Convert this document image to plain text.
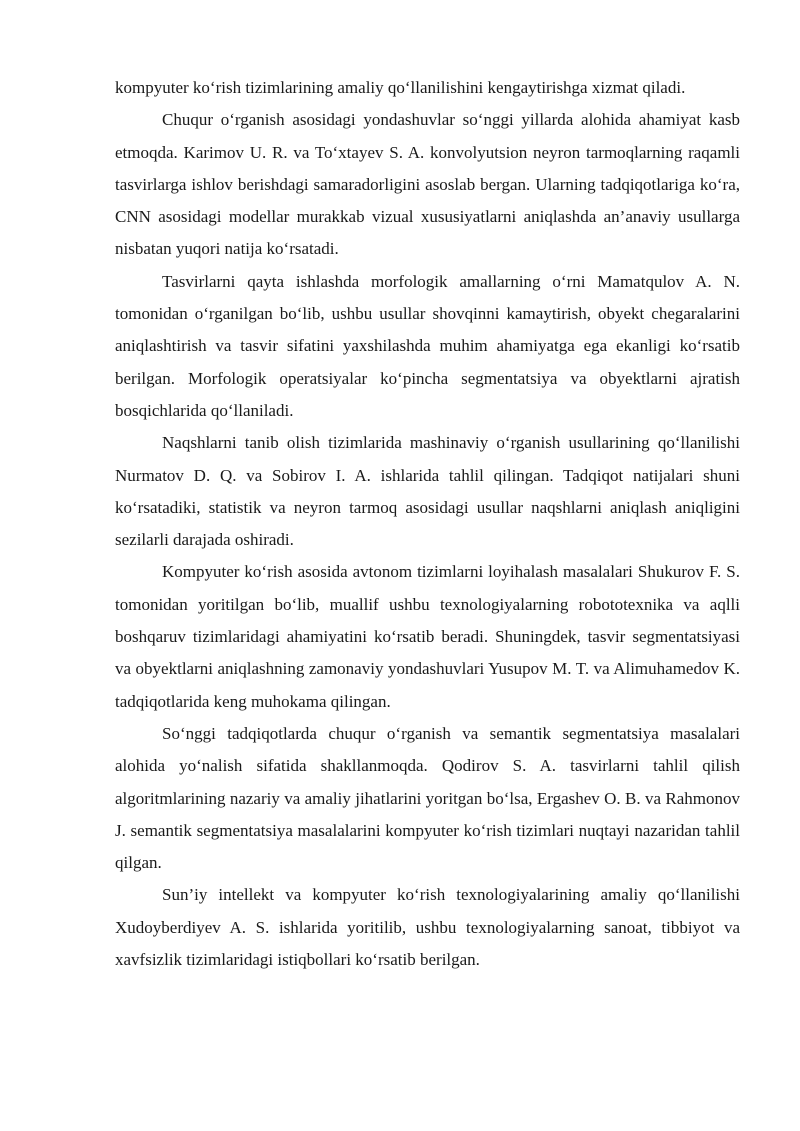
kompyuter ko‘rish tizimlarining amaliy qo‘llanilishini kengaytirishga xizmat qiladi.

Chuqur o‘rganish asosidagi yondashuvlar so‘nggi yillarda alohida ahamiyat kasb etmoqda. Karimov U. R. va To‘xtayev S. A. konvolyutsion neyron tarmoqlarning raqamli tasvirlarga ishlov berishdagi samaradorligini asoslab bergan. Ularning tadqiqotlariga ko‘ra, CNN asosidagi modellar murakkab vizual xususiyatlarni aniqlashda an’anaviy usullarga nisbatan yuqori natija ko‘rsatadi.

Tasvirlarni qayta ishlashda morfologik amallarning o‘rni Mamatqulov A. N. tomonidan o‘rganilgan bo‘lib, ushbu usullar shovqinni kamaytirish, obyekt chegaralarini aniqlashtirish va tasvir sifatini yaxshilashda muhim ahamiyatga ega ekanligi ko‘rsatib berilgan. Morfologik operatsiyalar ko‘pincha segmentatsiya va obyektlarni ajratish bosqichlarida qo‘llaniladi.

Naqshlarni tanib olish tizimlarida mashinaviy o‘rganish usullarining qo‘llanilishi Nurmatov D. Q. va Sobirov I. A. ishlarida tahlil qilingan. Tadqiqot natijalari shuni ko‘rsatadiki, statistik va neyron tarmoq asosidagi usullar naqshlarni aniqlash aniqligini sezilarli darajada oshiradi.

Kompyuter ko‘rish asosida avtonom tizimlarni loyihalash masalalari Shukurov F. S. tomonidan yoritilgan bo‘lib, muallif ushbu texnologiyalarning robototexnika va aqlli boshqaruv tizimlaridagi ahamiyatini ko‘rsatib beradi. Shuningdek, tasvir segmentatsiyasi va obyektlarni aniqlashning zamonaviy yondashuvlari Yusupov M. T. va Alimuhamedov K. tadqiqotlarida keng muhokama qilingan.

So‘nggi tadqiqotlarda chuqur o‘rganish va semantik segmentatsiya masalalari alohida yo‘nalish sifatida shakllanmoqda. Qodirov S. A. tasvirlarni tahlil qilish algoritmlarining nazariy va amaliy jihatlarini yoritgan bo‘lsa, Ergashev O. B. va Rahmonov J. semantik segmentatsiya masalalarini kompyuter ko‘rish tizimlari nuqtayi nazaridan tahlil qilgan.

Sun’iy intellekt va kompyuter ko‘rish texnologiyalarining amaliy qo‘llanilishi Xudoyberdiyev A. S. ishlarida yoritilib, ushbu texnologiyalarning sanoat, tibbiyot va xavfsizlik tizimlaridagi istiqbollari ko‘rsatib berilgan.
